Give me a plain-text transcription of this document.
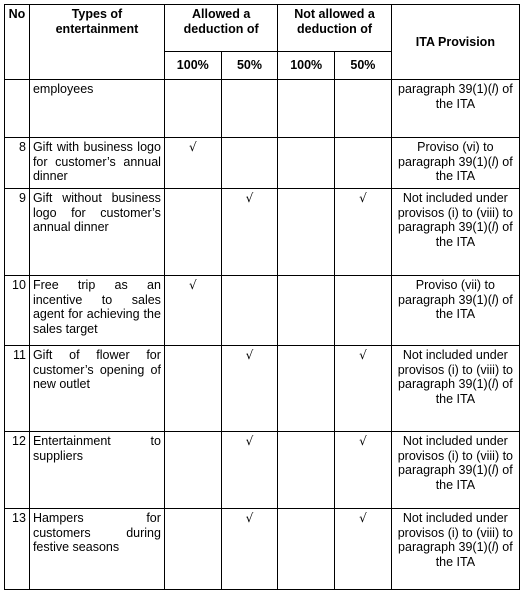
No	Types of entertainment	Allowed a deduction of		Not allowed a deduction of		ITA Provision
		100%	50%	100%	50%	
	employees					paragraph 39(1)(l) of the ITA
8	Gift with business logo for customer’s annual dinner	√				Proviso (vi) to paragraph 39(1)(l) of the ITA
9	Gift without business logo for customer’s annual dinner		√		√	Not included under provisos (i) to (viii) to paragraph 39(1)(l) of the ITA
10	Free trip as an incentive to sales agent for achieving the sales target	√				Proviso (vii) to paragraph 39(1)(l) of the ITA
11	Gift of flower for customer’s opening of new outlet		√		√	Not included under provisos (i) to (viii) to paragraph 39(1)(l) of the ITA
12	Entertainment to suppliers		√		√	Not included under provisos (i) to (viii) to paragraph 39(1)(l) of the ITA
13	Hampers for customers during festive seasons		√		√	Not included under provisos (i) to (viii) to paragraph 39(1)(l) of the ITA
